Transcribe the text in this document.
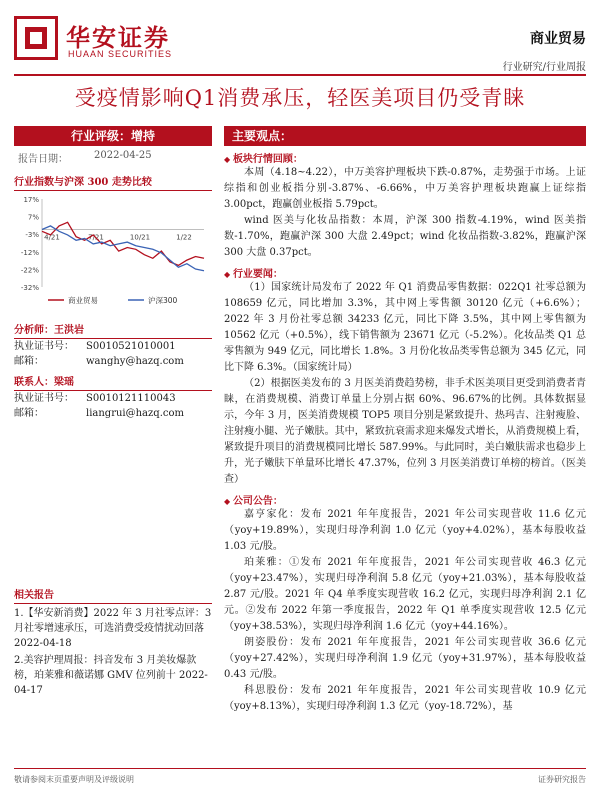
华安证券
HUAAN SECURITIES
商业贸易
行业研究/行业周报
受疫情影响Q1消费承压，轻医美项目仍受青睐
行业评级：增持
报告日期：	2022-04-25
行业指数与沪深 300 走势比较
17%
7%
-3%
-12%
-22%
-32%
4/21	7/21	10/21	1/22
商业贸易	沪深300
分析师：王洪岩
执业证书号：	S0010521010001
邮箱：	wanghy@hazq.com
联系人：梁瑶
执业证书号：	S0010121110043
邮箱：	liangrui@hazq.com
相关报告

1.【华安新消费】2022 年 3 月社零点评：3 月社零增速承压，可选消费受疫情扰动回落 2022-04-18

2.美容护理周报：抖音发布 3 月美妆爆款榜，珀莱雅和薇诺娜 GMV 位列前十 2022-04-17

主要观点：
◆ 板块行情回顾：

本周（4.18~4.22），中万美容护理板块下跌-0.87%，走势强于市场。上证综指和创业板指分别-3.87%、-6.66%，中万美容护理板块跑赢上证综指 3.00pct，跑赢创业板指 5.79pct。

wind 医美与化妆品指数：本周，沪深 300 指数-4.19%，wind 医美指数-1.70%，跑赢沪深 300 大盘 2.49pct；wind 化妆品指数-3.82%，跑赢沪深 300 大盘 0.37pct。

◆ 行业要闻：

（1）国家统计局发布了 2022 年 Q1 消费品零售数据：022Q1 社零总额为 108659 亿元，同比增加 3.3%，其中网上零售额 30120 亿元（+6.6%）；2022 年 3 月份社零总额 34233 亿元，同比下降 3.5%，其中网上零售额为 10562 亿元（+0.5%），线下销售额为 23671 亿元（-5.2%）。化妆品类 Q1 总零售额为 949 亿元，同比增长 1.8%。3 月份化妆品类零售总额为 345 亿元，同比下降 6.3%。（国家统计局）

（2）根据医美发布的 3 月医美消费趋势榜，非手术医美项目更受到消费者青睐，在消费规模、消费订单量上分别占据 60%、96.67%的比例。具体数据显示，今年 3 月，医美消费规模 TOP5 项目分别是紧致提升、热玛吉、注射瘦脸、注射瘦小腿、光子嫩肤。其中，紧致抗衰需求迎来爆发式增长，从消费规模上看，紧致提升项目的消费规模同比增长 587.99%。与此同时，美白嫩肤需求也稳步上升，光子嫩肤下单量环比增长 47.37%，位列 3 月医美消费订单榜的榜首。（医美查）

◆ 公司公告：

嘉亨家化：发布 2021 年年度报告，2021 年公司实现营收 11.6 亿元（yoy+19.89%），实现归母净利润 1.0 亿元（yoy+4.02%），基本每股收益 1.03 元/股。

珀莱雅：①发布 2021 年年度报告，2021 年公司实现营收 46.3 亿元（yoy+23.47%），实现归母净利润 5.8 亿元（yoy+21.03%），基本每股收益 2.87 元/股。2021 年 Q4 单季度实现营收 16.2 亿元，实现归母净利润 2.1 亿元。②发布 2022 年第一季度报告，2022 年 Q1 单季度实现营收 12.5 亿元（yoy+38.53%），实现归母净利润 1.6 亿元（yoy+44.16%）。

朗姿股份：发布 2021 年年度报告，2021 年公司实现营收 36.6 亿元（yoy+27.42%），实现归母净利润 1.9 亿元（yoy+31.97%），基本每股收益 0.43 元/股。

科思股份：发布 2021 年年度报告，2021 年公司实现营收 10.9 亿元（yoy+8.13%），实现归母净利润 1.3 亿元（yoy-18.72%），基

敬请参阅末页重要声明及评级说明	证券研究报告
